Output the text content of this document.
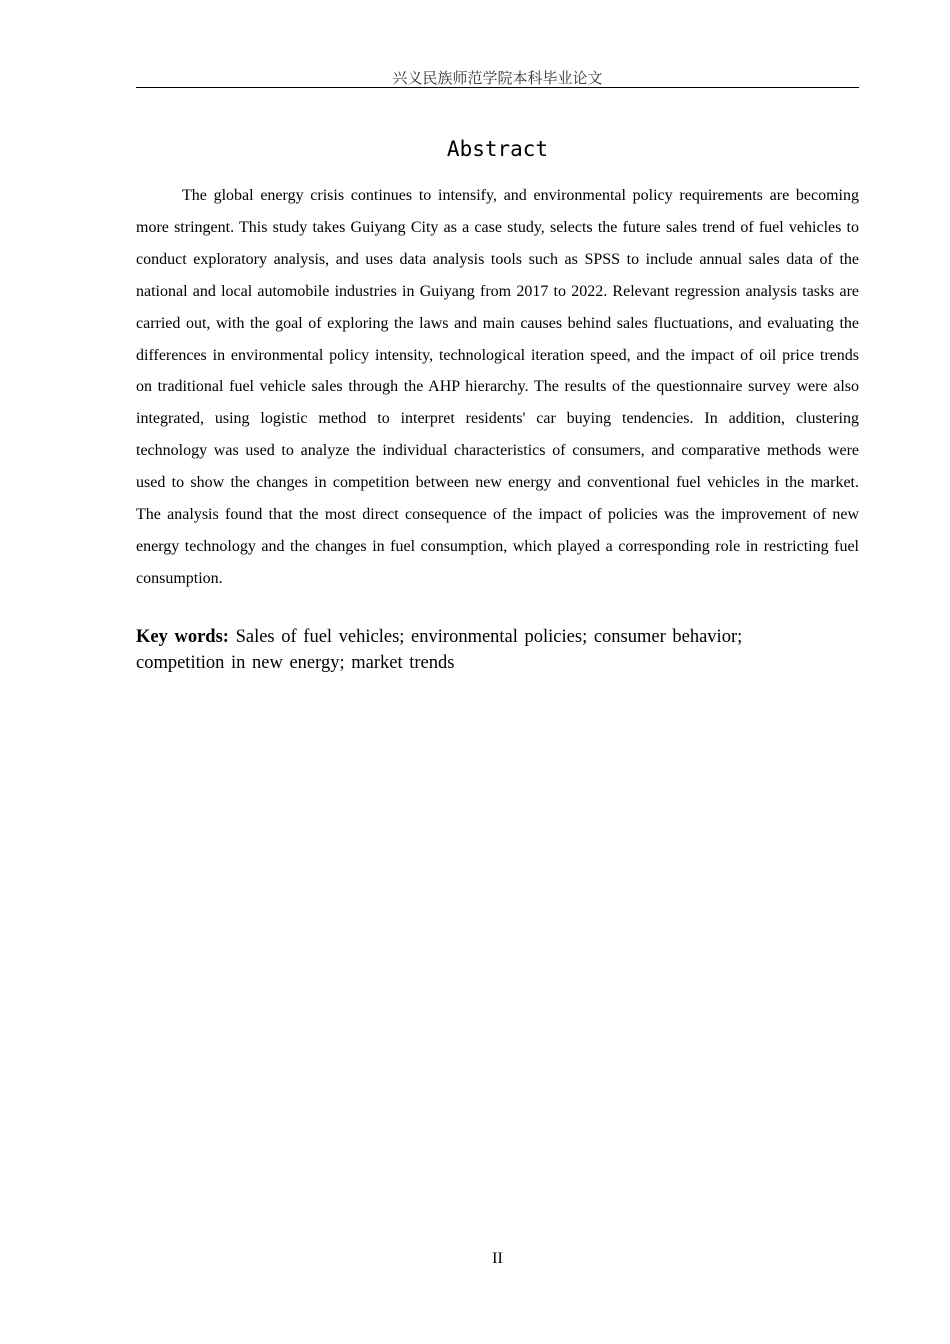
兴义民族师范学院本科毕业论文
Abstract

The global energy crisis continues to intensify, and environmental policy requirements are becoming more stringent. This study takes Guiyang City as a case study, selects the future sales trend of fuel vehicles to conduct exploratory analysis, and uses data analysis tools such as SPSS to include annual sales data of the national and local automobile industries in Guiyang from 2017 to 2022. Relevant regression analysis tasks are carried out, with the goal of exploring the laws and main causes behind sales fluctuations, and evaluating the differences in environmental policy intensity, technological iteration speed, and the impact of oil price trends on traditional fuel vehicle sales through the AHP hierarchy. The results of the questionnaire survey were also integrated, using logistic method to interpret residents' car buying tendencies. In addition, clustering technology was used to analyze the individual characteristics of consumers, and comparative methods were used to show the changes in competition between new energy and conventional fuel vehicles in the market. The analysis found that the most direct consequence of the impact of policies was the improvement of new energy technology and the changes in fuel consumption, which played a corresponding role in restricting fuel consumption.

Key words: Sales of fuel vehicles; environmental policies; consumer behavior; competition in new energy; market trends

II
